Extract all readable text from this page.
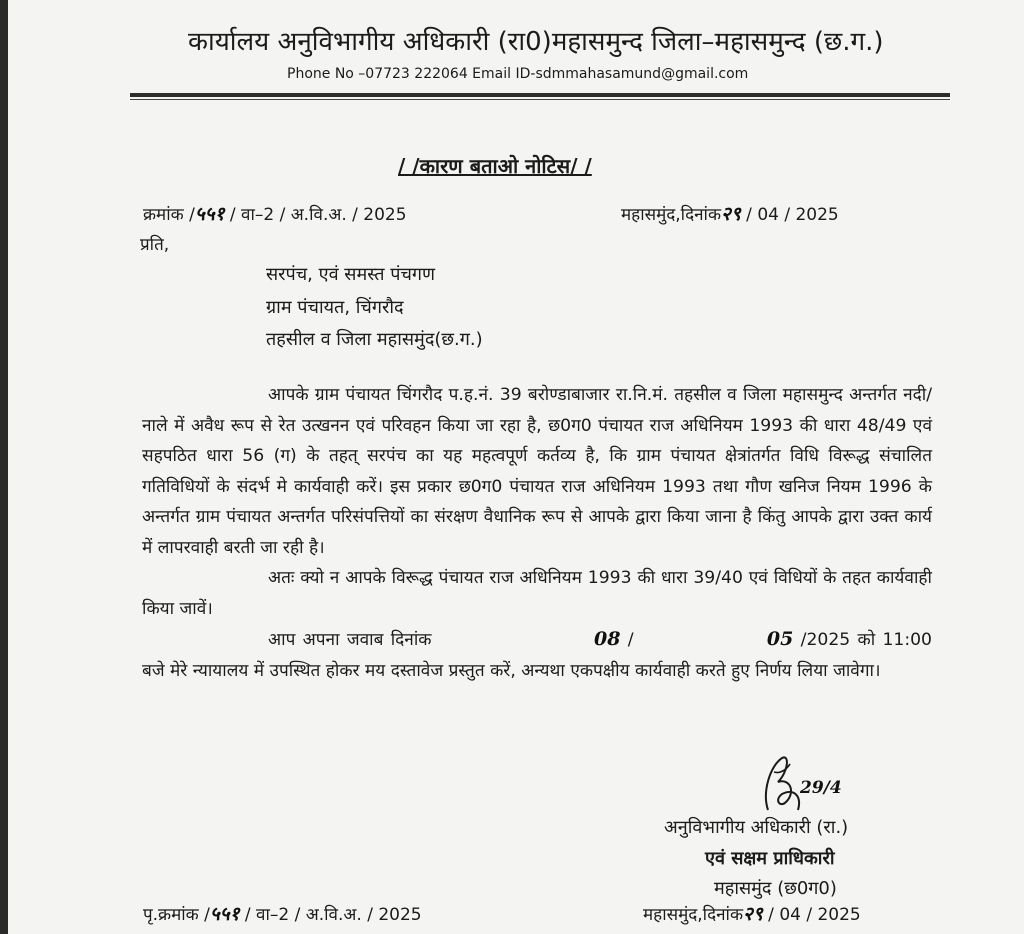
कार्यालय अनुविभागीय अधिकारी (रा0)महासमुन्द जिला–महासमुन्द (छ.ग.)
Phone No –07723 222064 Email ID-sdmmahasamund@gmail.com
/ /कारण बताओ नोटिस/ /
क्रमांक /५५१ / वा–2 / अ.वि.अ. / 2025	महासमुंद,दिनांक२९ / 04 / 2025
प्रति,
सरपंच, एवं समस्त पंचगण
ग्राम पंचायत, चिंगरौद
तहसील व जिला महासमुंद(छ.ग.)

आपके ग्राम पंचायत चिंगरौद प.ह.नं. 39 बरोण्डाबाजार रा.नि.मं. तहसील व जिला महासमुन्द अन्तर्गत नदी/नाले में अवैध रूप से रेत उत्खनन एवं परिवहन किया जा रहा है, छ0ग0 पंचायत राज अधिनियम 1993 की धारा 48/49 एवं सहपठित धारा 56 (ग) के तहत् सरपंच का यह महत्वपूर्ण कर्तव्य है, कि ग्राम पंचायत क्षेत्रांतर्गत विधि विरूद्ध संचालित गतिविधियों के संदर्भ मे कार्यवाही करें। इस प्रकार छ0ग0 पंचायत राज अधिनियम 1993 तथा गौण खनिज नियम 1996 के अन्तर्गत ग्राम पंचायत अन्तर्गत परिसंपत्तियों का संरक्षण वैधानिक रूप से आपके द्वारा किया जाना है किंतु आपके द्वारा उक्त कार्य में लापरवाही बरती जा रही है।

अतः क्यो न आपके विरूद्ध पंचायत राज अधिनियम 1993 की धारा 39/40 एवं विधियों के तहत कार्यवाही किया जावें।

आप अपना जवाब दिनांक	08 /	05 /2025 को 11:00 बजे मेरे न्यायालय में उपस्थित होकर मय दस्तावेज प्रस्तुत करें, अन्यथा एकपक्षीय कार्यवाही करते हुए निर्णय लिया जावेगा।

29/4
अनुविभागीय अधिकारी (रा.)
एवं सक्षम प्राधिकारी
महासमुंद (छ0ग0)
पृ.क्रमांक /५५१ / वा–2 / अ.वि.अ. / 2025	महासमुंद,दिनांक२९ / 04 / 2025
